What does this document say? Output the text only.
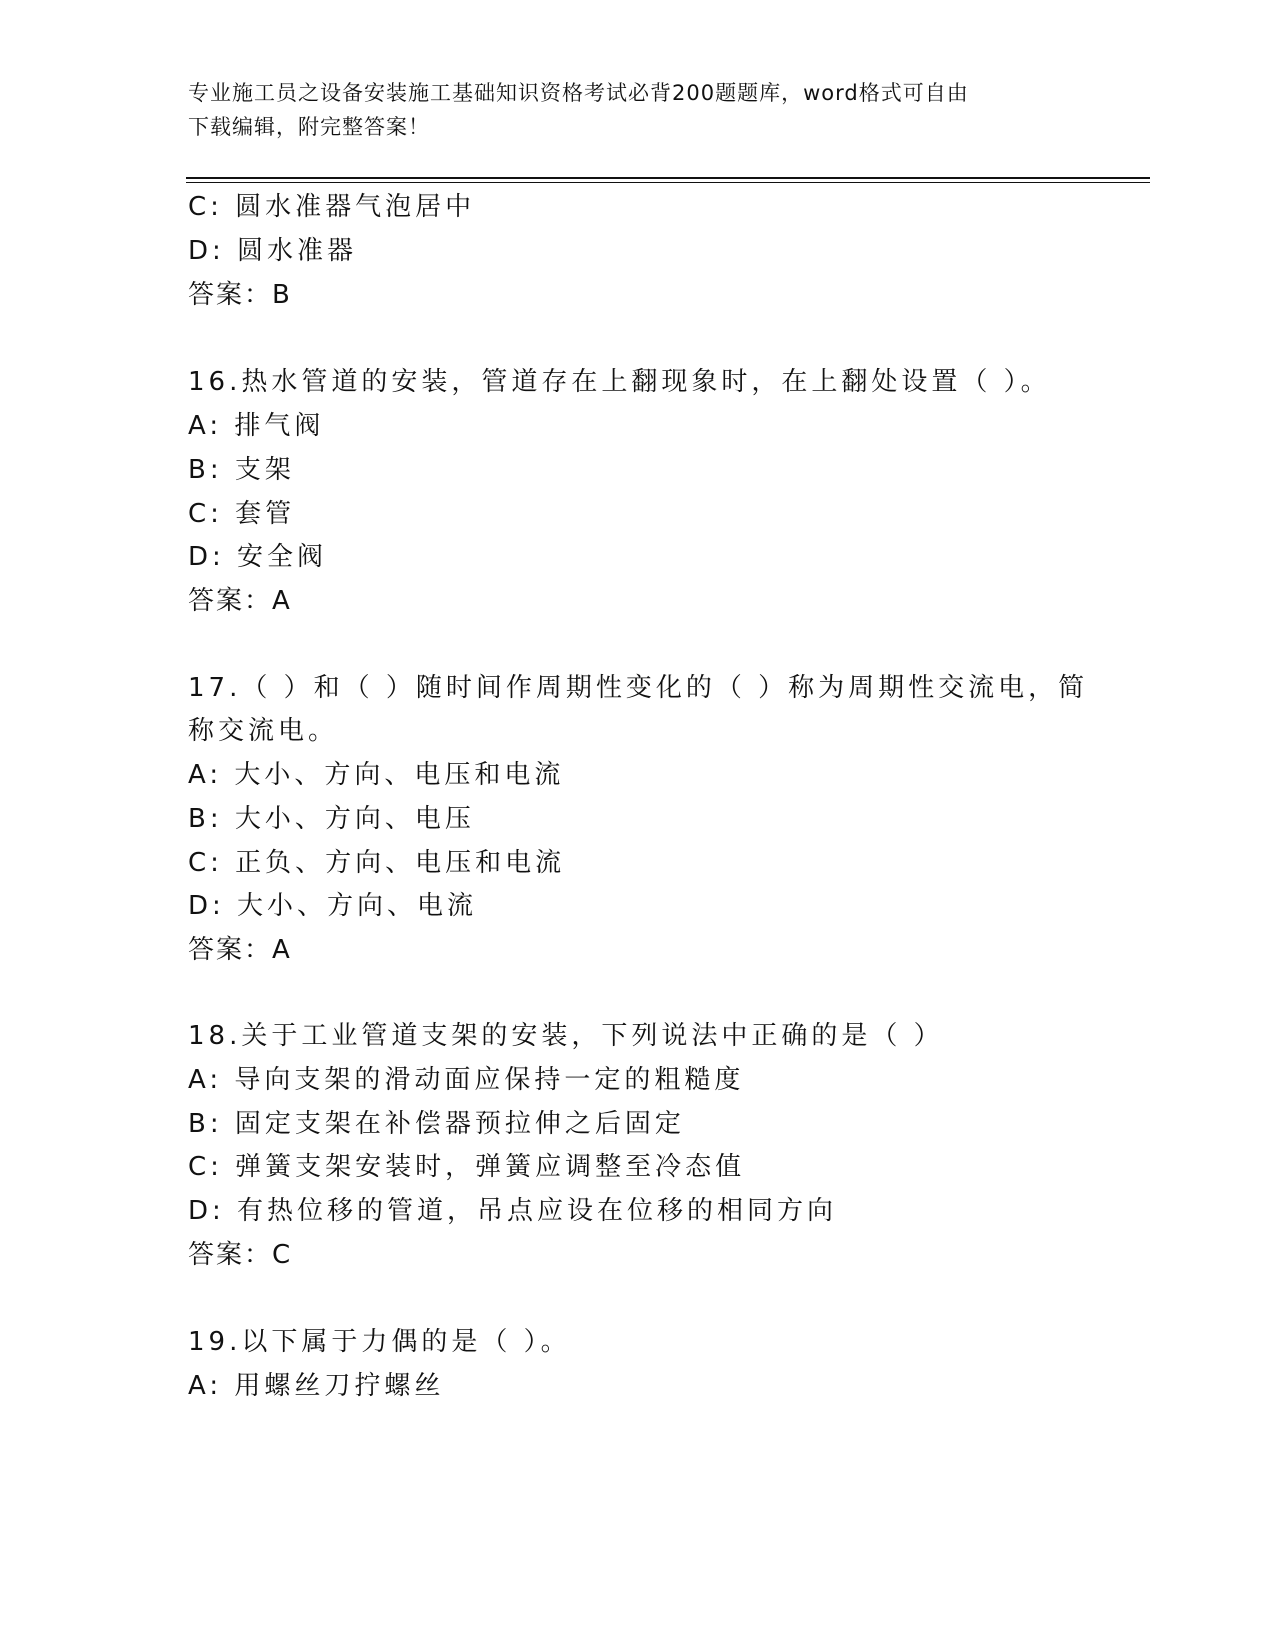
专业施工员之设备安装施工基础知识资格考试必背200题题库，word格式可自由
下载编辑，附完整答案！
C: 圆水准器气泡居中
D: 圆水准器
答案：B
16.热水管道的安装，管道存在上翻现象时，在上翻处设置（ ）。
A: 排气阀
B: 支架
C: 套管
D: 安全阀
答案：A
17.（ ）和（ ）随时间作周期性变化的（ ）称为周期性交流电，简
称交流电。
A: 大小、方向、电压和电流
B: 大小、方向、电压
C: 正负、方向、电压和电流
D: 大小、方向、电流
答案：A
18.关于工业管道支架的安装，下列说法中正确的是（ ）
A: 导向支架的滑动面应保持一定的粗糙度
B: 固定支架在补偿器预拉伸之后固定
C: 弹簧支架安装时，弹簧应调整至冷态值
D: 有热位移的管道，吊点应设在位移的相同方向
答案：C
19.以下属于力偶的是（ ）。
A: 用螺丝刀拧螺丝
